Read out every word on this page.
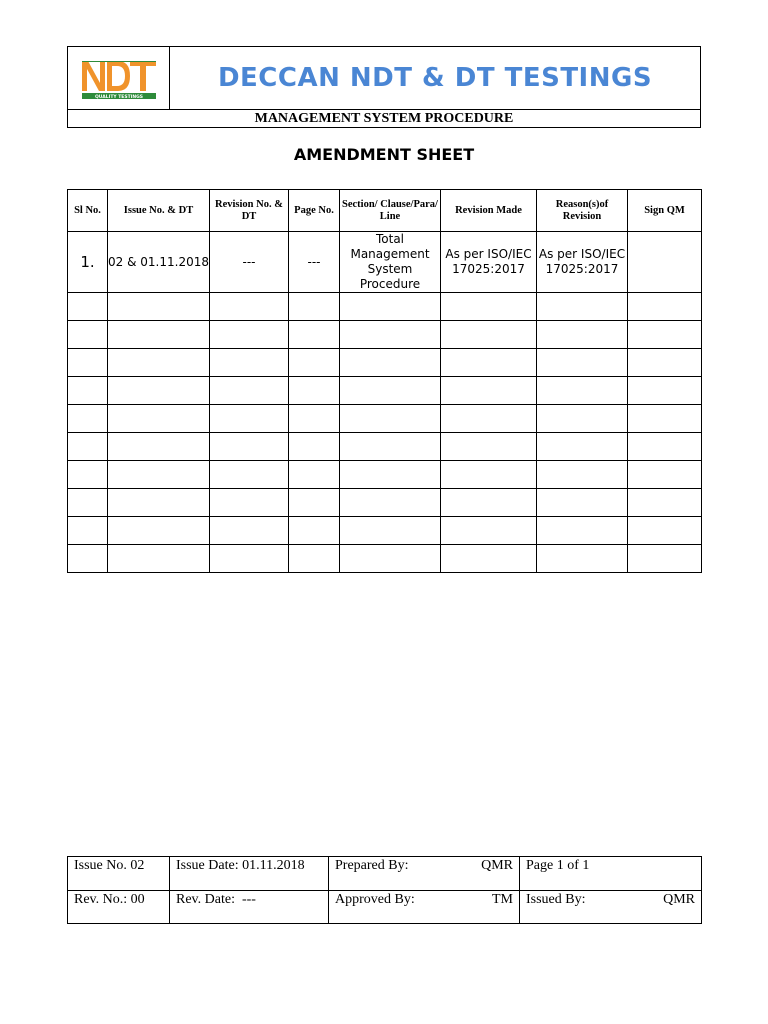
QUALITY TESTINGS
DECCAN NDT & DT TESTINGS
MANAGEMENT SYSTEM PROCEDURE
AMENDMENT SHEET
Sl No.	Issue No. & DT	Revision No. & DT	Page No.	Section/ Clause/Para/ Line	Revision Made	Reason(s)of Revision	Sign QM
1.	02 & 01.11.2018	---	---	Total Management System Procedure	As per ISO/IEC 17025:2017	As per ISO/IEC 17025:2017	

Issue No. 02	Issue Date: 01.11.2018	Prepared By: QMR	Page 1 of 1
Rev. No.: 00	Rev. Date:  ---	Approved By: TM	Issued By: QMR
